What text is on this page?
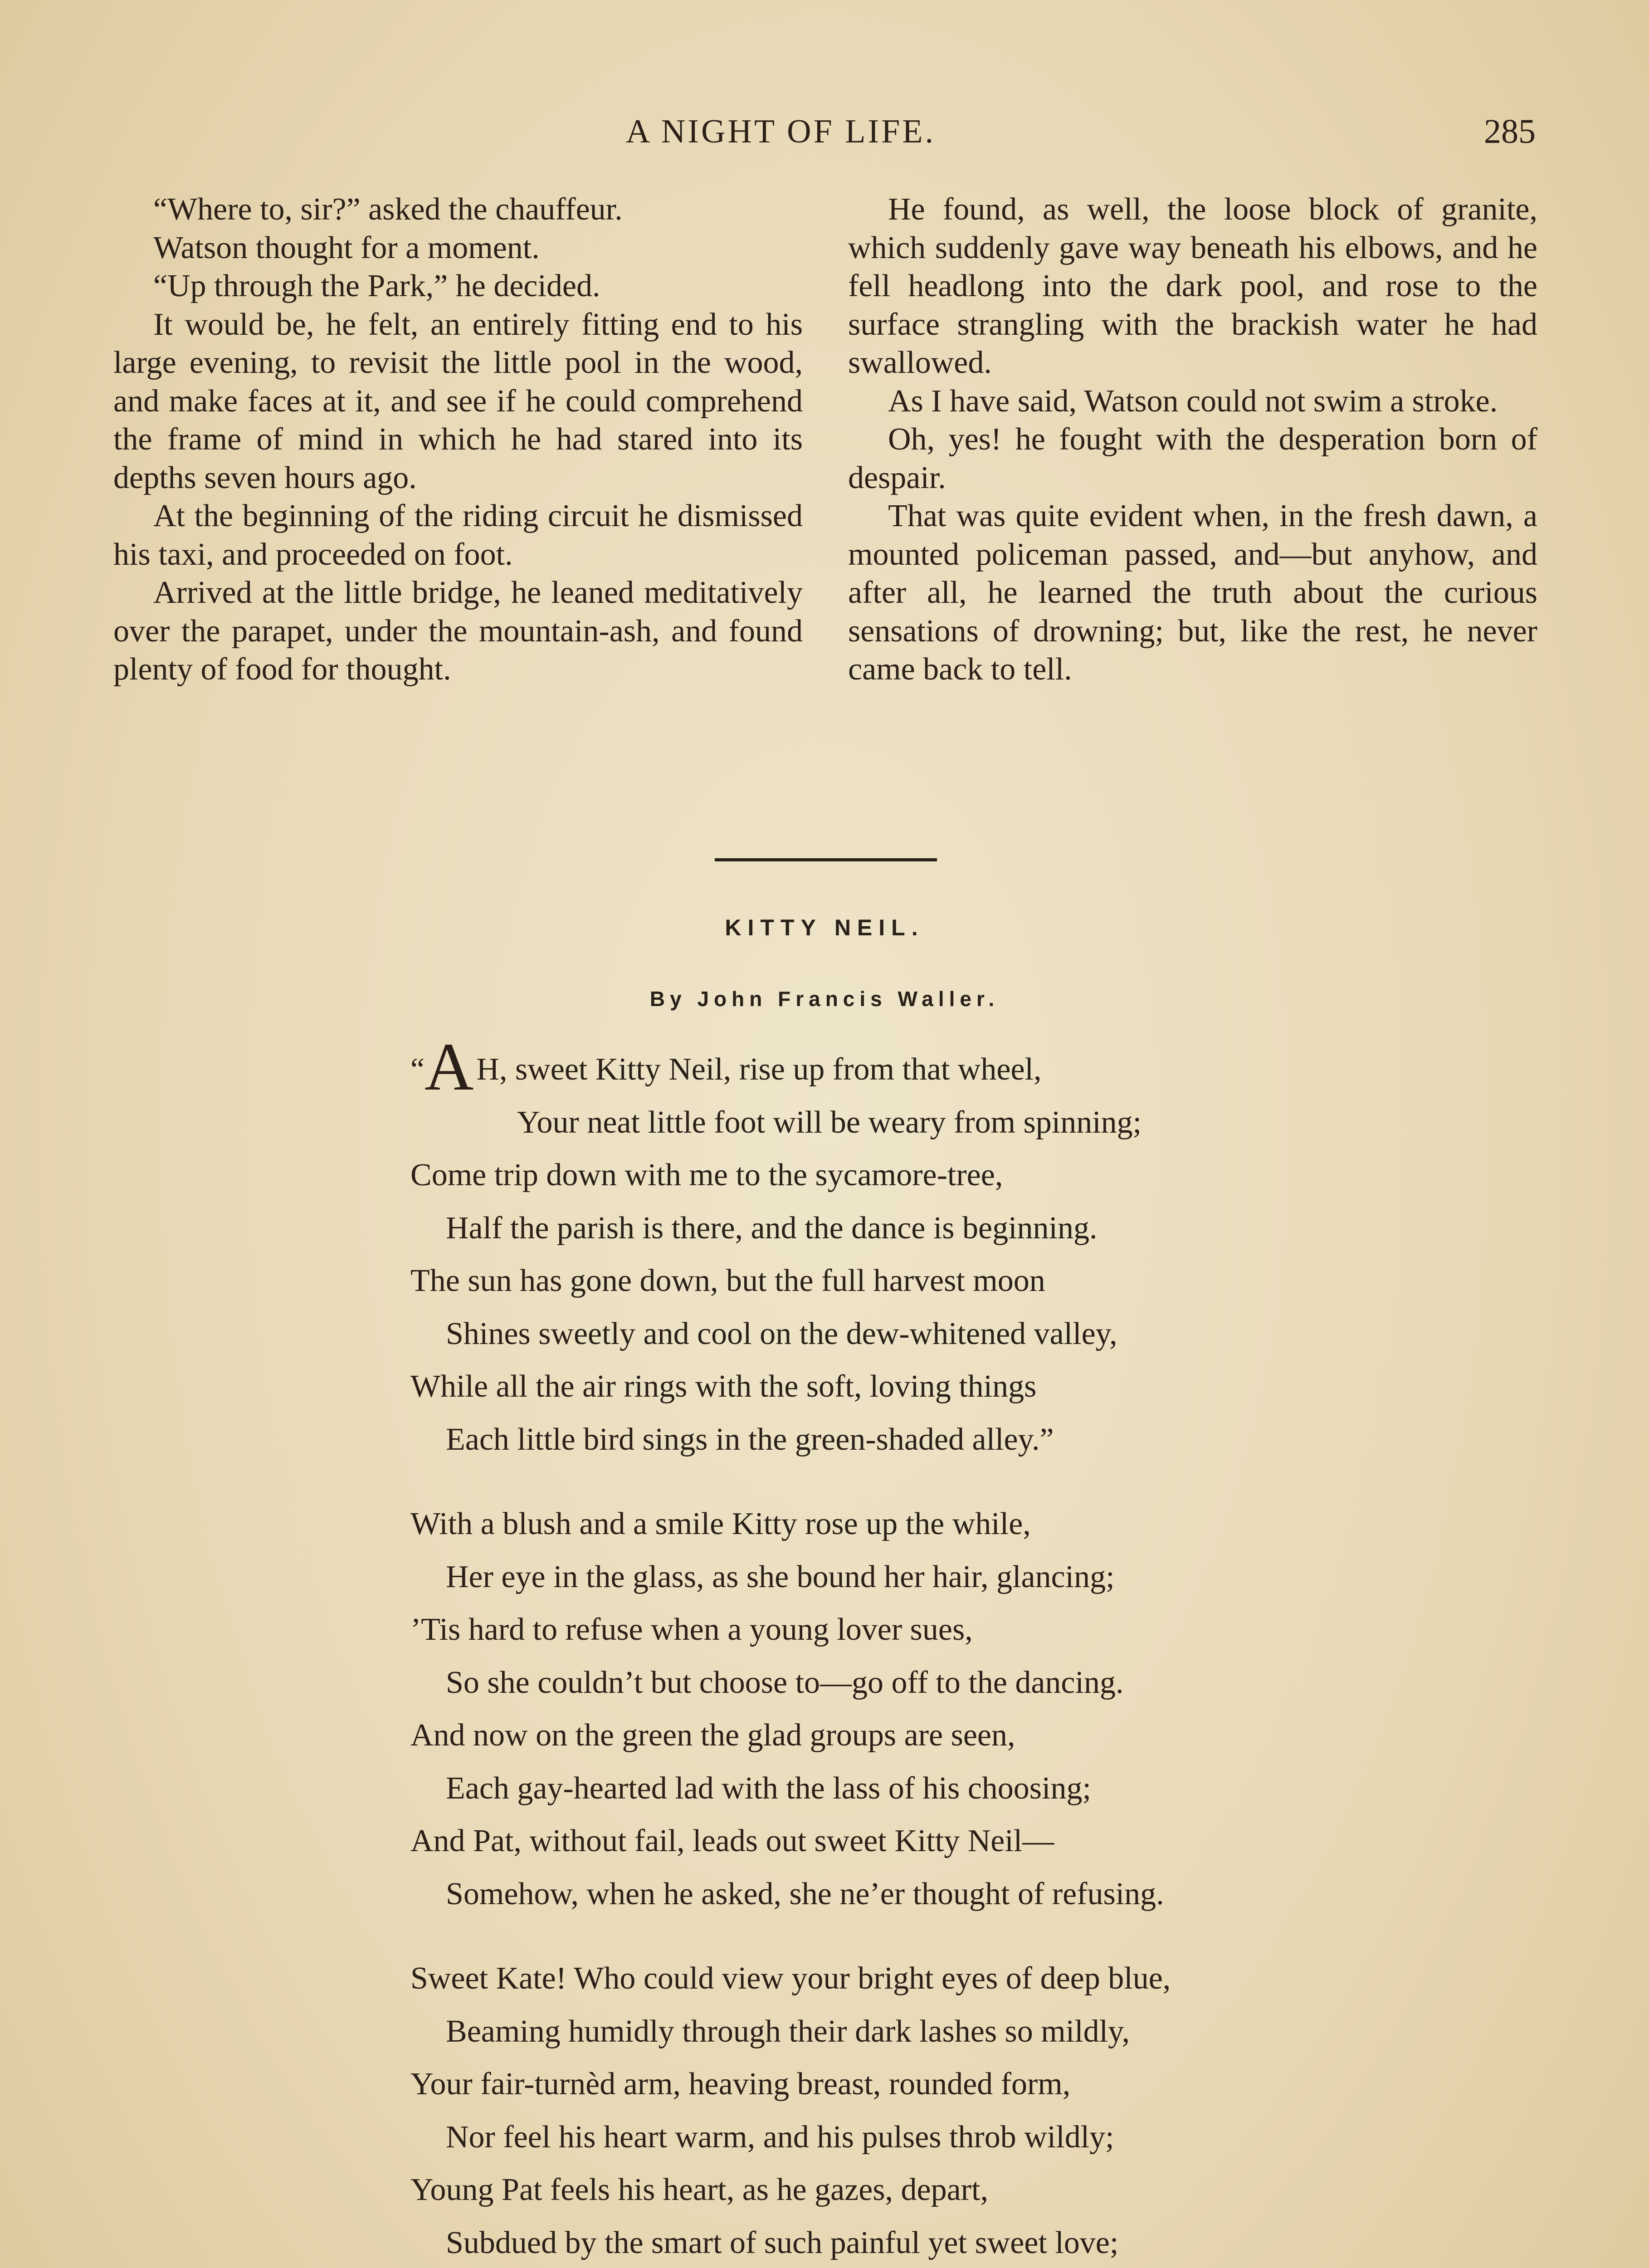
A NIGHT OF LIFE.	285

“Where to, sir?” asked the chauffeur.

Watson thought for a moment.

“Up through the Park,” he decided.

It would be, he felt, an entirely fitting end to his large evening, to revisit the little pool in the wood, and make faces at it, and see if he could comprehend the frame of mind in which he had stared into its depths seven hours ago.

At the beginning of the riding circuit he dismissed his taxi, and proceeded on foot.

Arrived at the little bridge, he leaned meditatively over the parapet, under the mountain-ash, and found plenty of food for thought.

He found, as well, the loose block of granite, which suddenly gave way beneath his elbows, and he fell headlong into the dark pool, and rose to the surface strangling with the brackish water he had swallowed.

As I have said, Watson could not swim a stroke.

Oh, yes! he fought with the desperation born of despair.

That was quite evident when, in the fresh dawn, a mounted policeman passed, and—but anyhow, and after all, he learned the truth about the curious sensations of drowning; but, like the rest, he never came back to tell.

KITTY NEIL.
By John Francis Waller.
“AH, sweet Kitty Neil, rise up from that wheel,
Your neat little foot will be weary from spinning;
Come trip down with me to the sycamore-tree,
Half the parish is there, and the dance is beginning.
The sun has gone down, but the full harvest moon
Shines sweetly and cool on the dew-whitened valley,
While all the air rings with the soft, loving things
Each little bird sings in the green-shaded alley.”
With a blush and a smile Kitty rose up the while,
Her eye in the glass, as she bound her hair, glancing;
’Tis hard to refuse when a young lover sues,
So she couldn’t but choose to—go off to the dancing.
And now on the green the glad groups are seen,
Each gay-hearted lad with the lass of his choosing;
And Pat, without fail, leads out sweet Kitty Neil—
Somehow, when he asked, she ne’er thought of refusing.
Sweet Kate! Who could view your bright eyes of deep blue,
Beaming humidly through their dark lashes so mildly,
Your fair-turnèd arm, heaving breast, rounded form,
Nor feel his heart warm, and his pulses throb wildly;
Young Pat feels his heart, as he gazes, depart,
Subdued by the smart of such painful yet sweet love;
